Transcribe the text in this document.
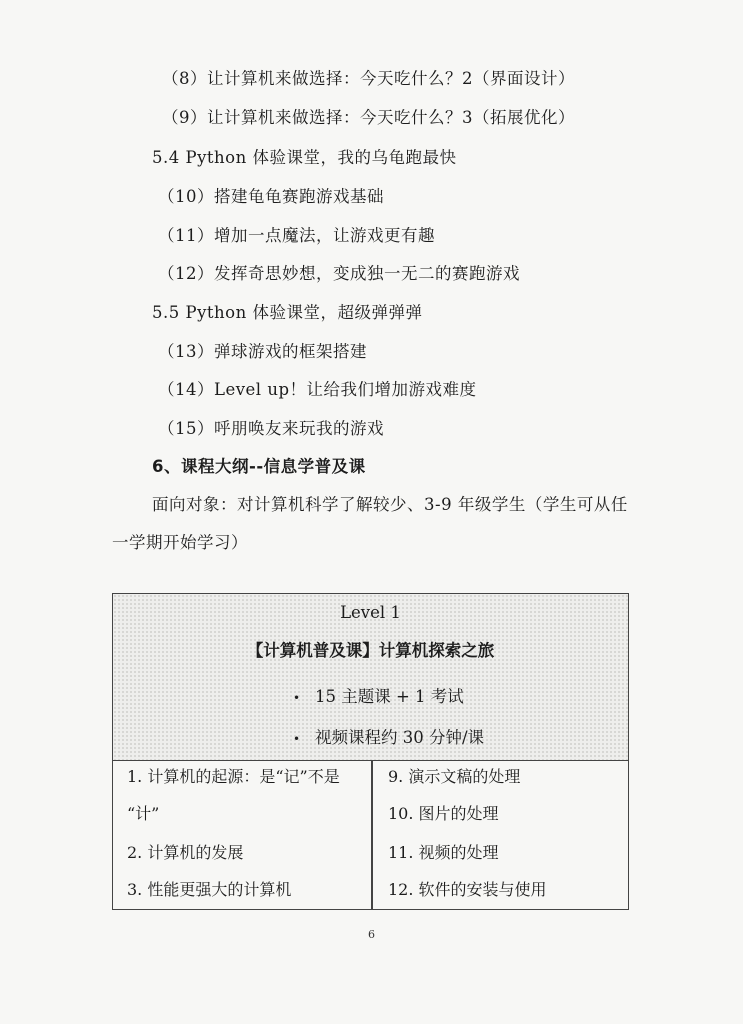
（8）让计算机来做选择：今天吃什么？2（界面设计）
（9）让计算机来做选择：今天吃什么？3（拓展优化）
5.4 Python 体验课堂，我的乌龟跑最快
（10）搭建龟龟赛跑游戏基础
（11）增加一点魔法，让游戏更有趣
（12）发挥奇思妙想，变成独一无二的赛跑游戏
5.5 Python 体验课堂，超级弹弹弹
（13）弹球游戏的框架搭建
（14）Level up！让给我们增加游戏难度
（15）呼朋唤友来玩我的游戏
6、课程大纲--信息学普及课
面向对象：对计算机科学了解较少、3-9 年级学生（学生可从任
一学期开始学习）
Level 1
【计算机普及课】计算机探索之旅
• 15 主题课 + 1 考试
• 视频课程约 30 分钟/课
1. 计算机的起源：是“记”不是
“计”
2. 计算机的发展
3. 性能更强大的计算机
9. 演示文稿的处理
10. 图片的处理
11. 视频的处理
12. 软件的安装与使用
6
